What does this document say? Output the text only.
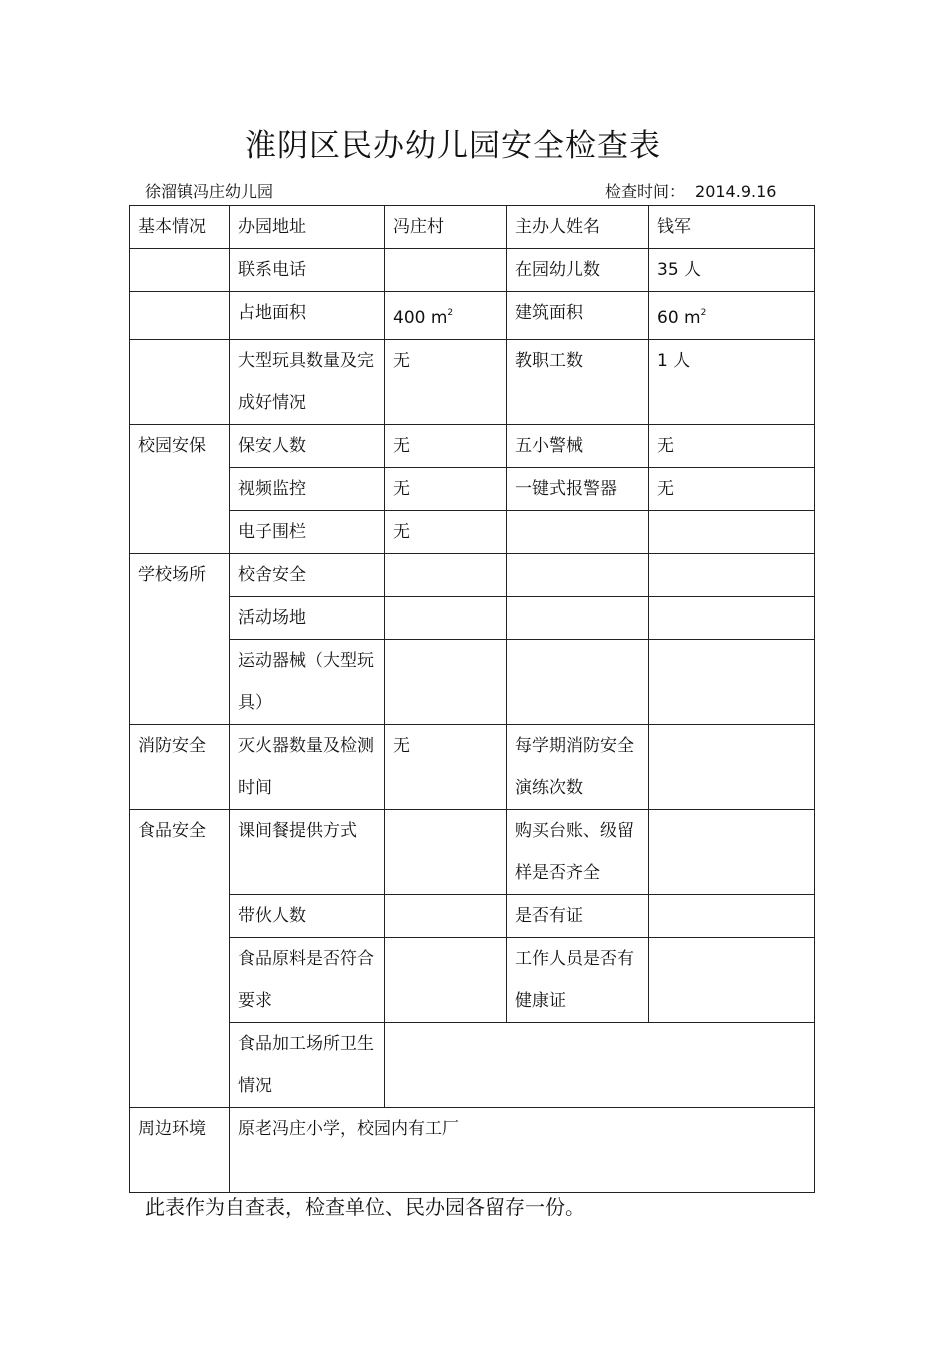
淮阴区民办幼儿园安全检查表
徐溜镇冯庄幼儿园	检查时间： 2014.9.16
基本情况	办园地址	冯庄村	主办人姓名	钱军

	联系电话		在园幼儿数	35 人

	占地面积	400 $m^2$	建筑面积	60 $m^2$

	大型玩具数量及完成好情况	无	教职工数	1 人

校园安保	保安人数	无	五小警械	无

	视频监控	无	一键式报警器	无

	电子围栏	无		

学校场所	校舍安全			

	活动场地			

	运动器械（大型玩具）			

消防安全	灭火器数量及检测时间	无	每学期消防安全演练次数	

食品安全	课间餐提供方式		购买台账、级留样是否齐全	

	带伙人数		是否有证	

	食品原料是否符合要求		工作人员是否有健康证	

	食品加工场所卫生情况			

周边环境	原老冯庄小学，校园内有工厂			
此表作为自查表，检查单位、民办园各留存一份。
